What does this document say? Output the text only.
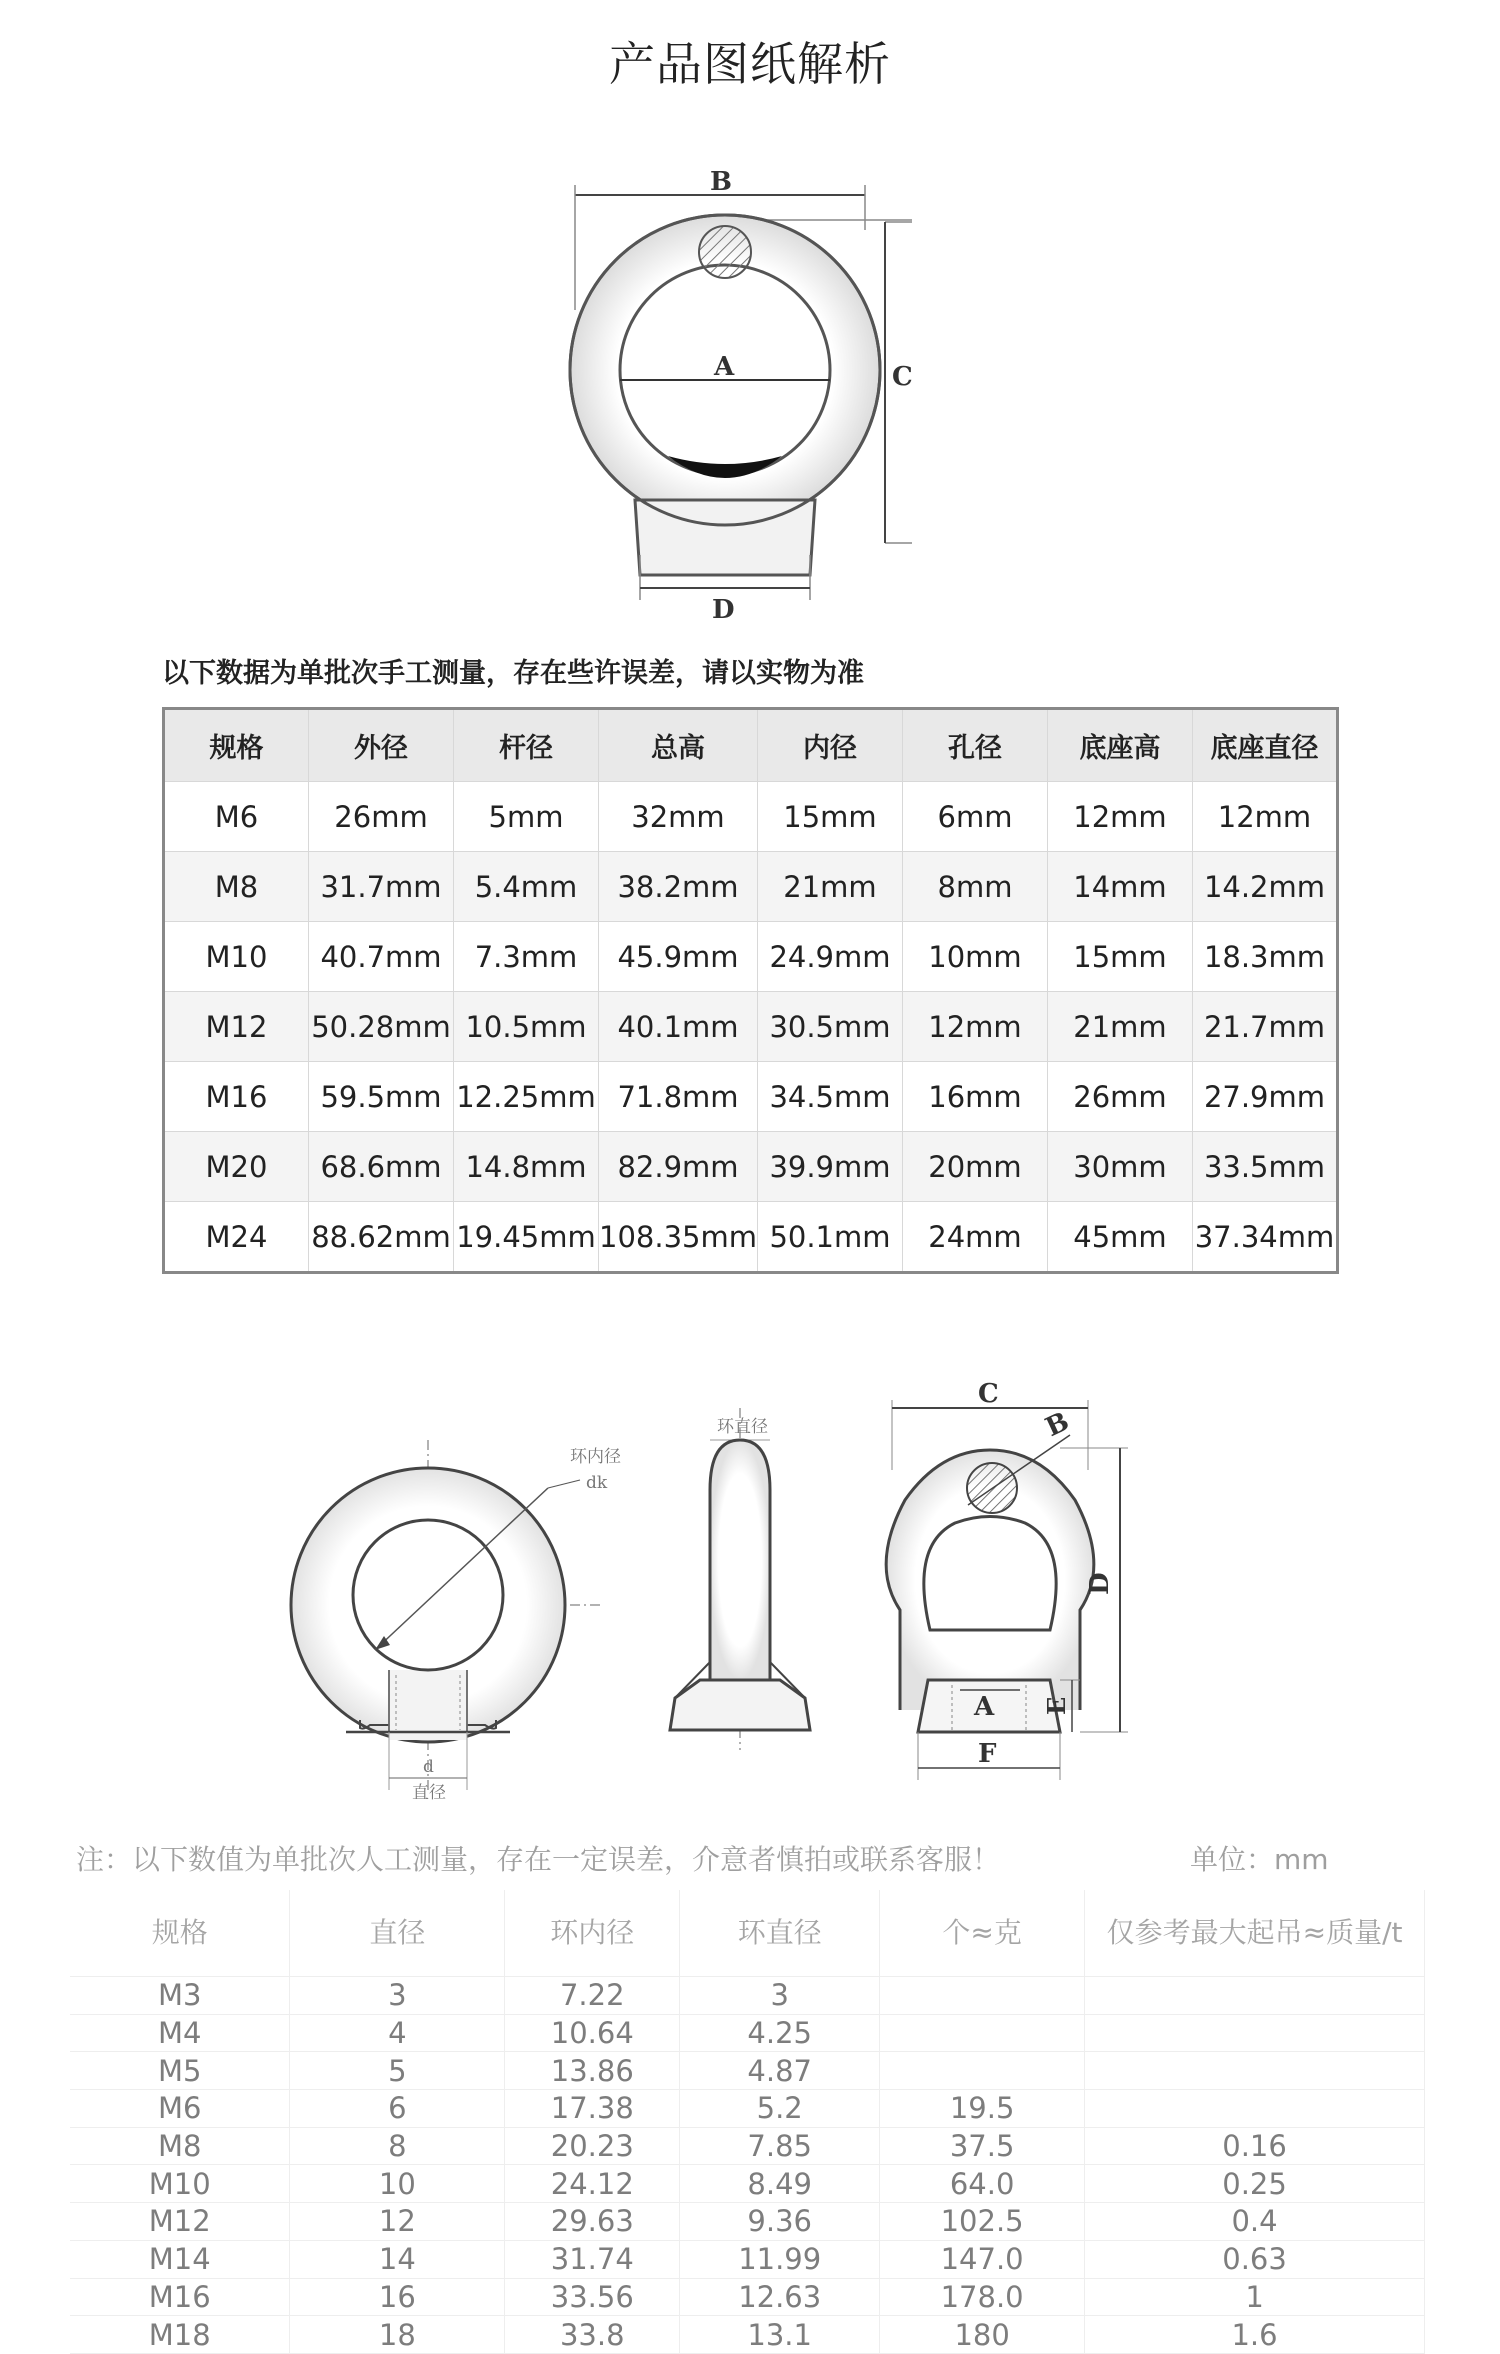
产品图纸解析
B
C
A
D
以下数据为单批次手工测量，存在些许误差，请以实物为准
规格	外径	杆径	总高	内径	孔径	底座高	底座直径
M6	26mm	5mm	32mm	15mm	6mm	12mm	12mm
M8	31.7mm	5.4mm	38.2mm	21mm	8mm	14mm	14.2mm
M10	40.7mm	7.3mm	45.9mm	24.9mm	10mm	15mm	18.3mm
M12	50.28mm	10.5mm	40.1mm	30.5mm	12mm	21mm	21.7mm
M16	59.5mm	12.25mm	71.8mm	34.5mm	16mm	26mm	27.9mm
M20	68.6mm	14.8mm	82.9mm	39.9mm	20mm	30mm	33.5mm
M24	88.62mm	19.45mm	108.35mm	50.1mm	24mm	45mm	37.34mm
环内径
dk
d
直径
环直径
C
B
D
A E
F
注：以下数值为单批次人工测量，存在一定误差，介意者慎拍或联系客服！	单位：mm
规格	直径	环内径	环直径	个≈克	仅参考最大起吊≈质量/t
M3	3	7.22	3		
M4	4	10.64	4.25		
M5	5	13.86	4.87		
M6	6	17.38	5.2	19.5	
M8	8	20.23	7.85	37.5	0.16
M10	10	24.12	8.49	64.0	0.25
M12	12	29.63	9.36	102.5	0.4
M14	14	31.74	11.99	147.0	0.63
M16	16	33.56	12.63	178.0	1
M18	18	33.8	13.1	180	1.6
